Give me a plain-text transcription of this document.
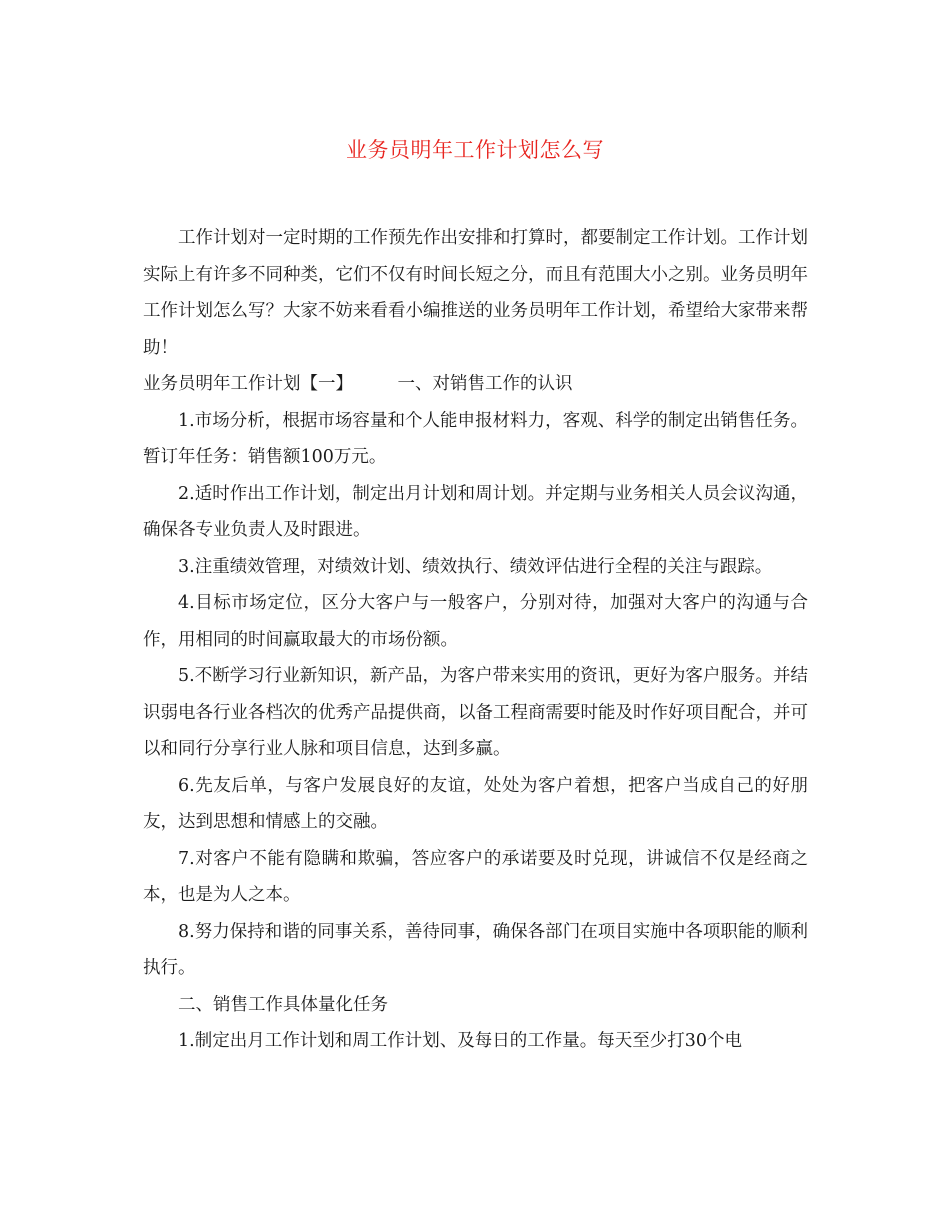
业务员明年工作计划怎么写

工作计划对一定时期的工作预先作出安排和打算时，都要制定工作计划。工作计划实际上有许多不同种类，它们不仅有时间长短之分，而且有范围大小之别。业务员明年工作计划怎么写？大家不妨来看看小编推送的业务员明年工作计划，希望给大家带来帮助！

业务员明年工作计划【一】	一、对销售工作的认识

1.市场分析，根据市场容量和个人能申报材料力，客观、科学的制定出销售任务。暂订年任务：销售额100万元。

2.适时作出工作计划，制定出月计划和周计划。并定期与业务相关人员会议沟通，确保各专业负责人及时跟进。

3.注重绩效管理，对绩效计划、绩效执行、绩效评估进行全程的关注与跟踪。

4.目标市场定位，区分大客户与一般客户，分别对待，加强对大客户的沟通与合作，用相同的时间赢取最大的市场份额。

5.不断学习行业新知识，新产品，为客户带来实用的资讯，更好为客户服务。并结识弱电各行业各档次的优秀产品提供商，以备工程商需要时能及时作好项目配合，并可以和同行分享行业人脉和项目信息，达到多赢。

6.先友后单，与客户发展良好的友谊，处处为客户着想，把客户当成自己的好朋友，达到思想和情感上的交融。

7.对客户不能有隐瞒和欺骗，答应客户的承诺要及时兑现，讲诚信不仅是经商之本，也是为人之本。

8.努力保持和谐的同事关系，善待同事，确保各部门在项目实施中各项职能的顺利执行。

二、销售工作具体量化任务

1.制定出月工作计划和周工作计划、及每日的工作量。每天至少打30个电
